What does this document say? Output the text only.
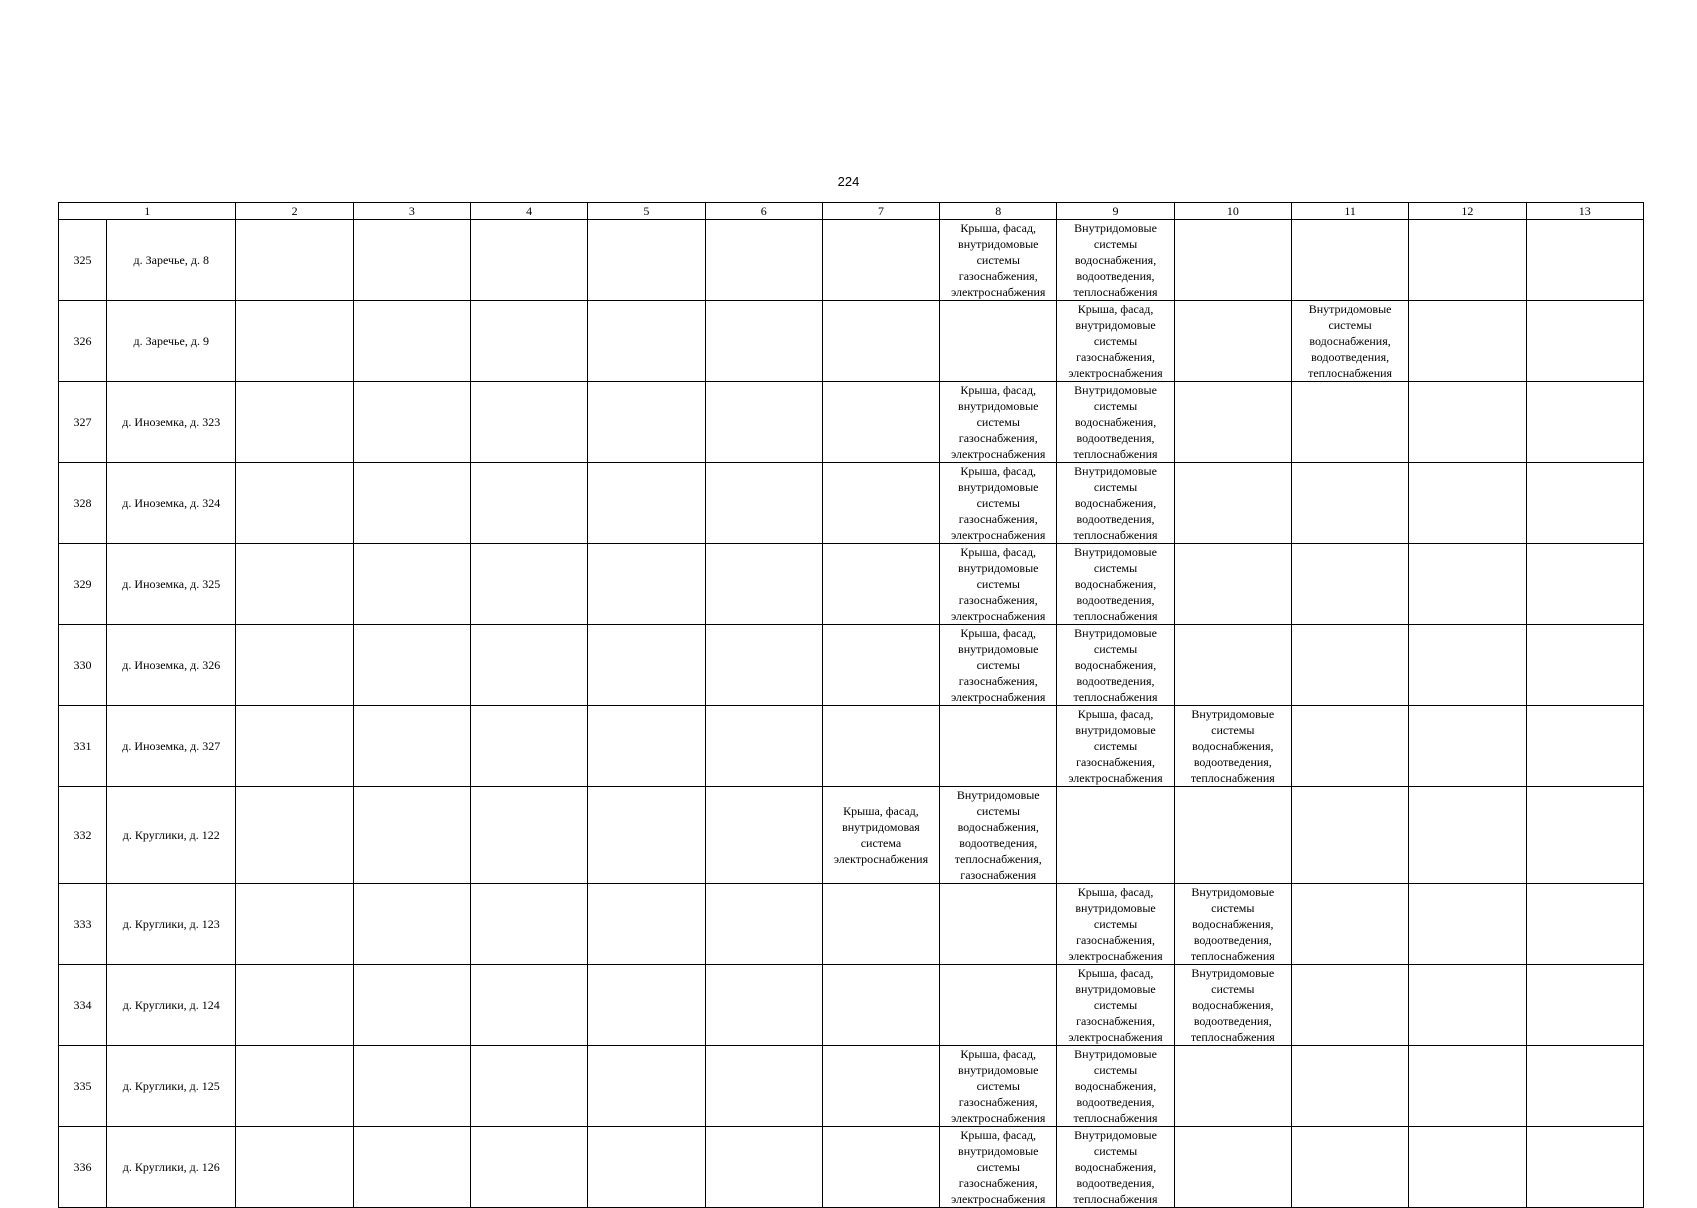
224
1		2	3	4	5	6	7	8	9	10	11	12	13
325	д. Заречье, д. 8							Крыша, фасад, внутридомовые системы газоснабжения, электроснабжения	Внутридомовые системы водоснабжения, водоотведения, теплоснабжения				
326	д. Заречье, д. 9								Крыша, фасад, внутридомовые системы газоснабжения, электроснабжения		Внутридомовые системы водоснабжения, водоотведения, теплоснабжения		
327	д. Иноземка, д. 323							Крыша, фасад, внутридомовые системы газоснабжения, электроснабжения	Внутридомовые системы водоснабжения, водоотведения, теплоснабжения				
328	д. Иноземка, д. 324							Крыша, фасад, внутридомовые системы газоснабжения, электроснабжения	Внутридомовые системы водоснабжения, водоотведения, теплоснабжения				
329	д. Иноземка, д. 325							Крыша, фасад, внутридомовые системы газоснабжения, электроснабжения	Внутридомовые системы водоснабжения, водоотведения, теплоснабжения				
330	д. Иноземка, д. 326							Крыша, фасад, внутридомовые системы газоснабжения, электроснабжения	Внутридомовые системы водоснабжения, водоотведения, теплоснабжения				
331	д. Иноземка, д. 327								Крыша, фасад, внутридомовые системы газоснабжения, электроснабжения	Внутридомовые системы водоснабжения, водоотведения, теплоснабжения			
332	д. Круглики, д. 122						Крыша, фасад, внутридомовая система электроснабжения	Внутридомовые системы водоснабжения, водоотведения, теплоснабжения, газоснабжения					
333	д. Круглики, д. 123								Крыша, фасад, внутридомовые системы газоснабжения, электроснабжения	Внутридомовые системы водоснабжения, водоотведения, теплоснабжения			
334	д. Круглики, д. 124								Крыша, фасад, внутридомовые системы газоснабжения, электроснабжения	Внутридомовые системы водоснабжения, водоотведения, теплоснабжения			
335	д. Круглики, д. 125							Крыша, фасад, внутридомовые системы газоснабжения, электроснабжения	Внутридомовые системы водоснабжения, водоотведения, теплоснабжения				
336	д. Круглики, д. 126							Крыша, фасад, внутридомовые системы газоснабжения, электроснабжения	Внутридомовые системы водоснабжения, водоотведения, теплоснабжения				
